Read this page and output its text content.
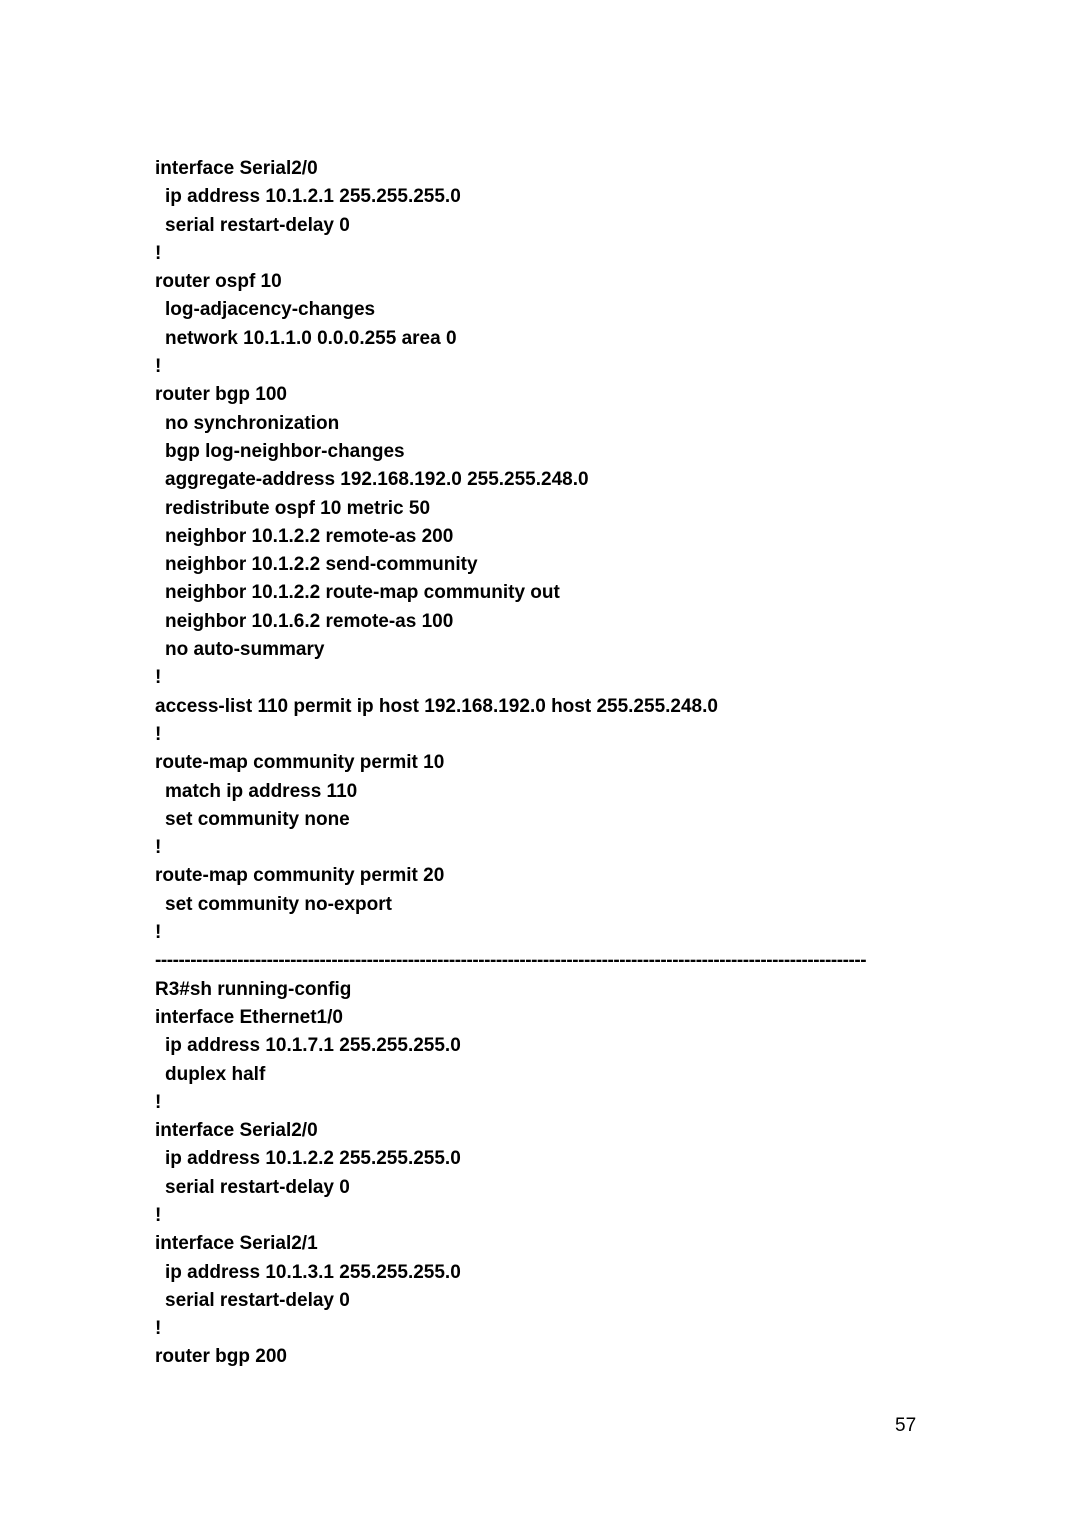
interface Serial2/0
ip address 10.1.2.1 255.255.255.0
serial restart-delay 0
!
router ospf 10
log-adjacency-changes
network 10.1.1.0 0.0.0.255 area 0
!
router bgp 100
no synchronization
bgp log-neighbor-changes
aggregate-address 192.168.192.0 255.255.248.0
redistribute ospf 10 metric 50
neighbor 10.1.2.2 remote-as 200
neighbor 10.1.2.2 send-community
neighbor 10.1.2.2 route-map community out
neighbor 10.1.6.2 remote-as 100
no auto-summary
!
access-list 110 permit ip host 192.168.192.0 host 255.255.248.0
!
route-map community permit 10
match ip address 110
set community none
!
route-map community permit 20
set community no-export
!
-------------------------------------------------------------------------------------------------------------------------
R3#sh running-config
interface Ethernet1/0
ip address 10.1.7.1 255.255.255.0
duplex half
!
interface Serial2/0
ip address 10.1.2.2 255.255.255.0
serial restart-delay 0
!
interface Serial2/1
ip address 10.1.3.1 255.255.255.0
serial restart-delay 0
!
router bgp 200
57
